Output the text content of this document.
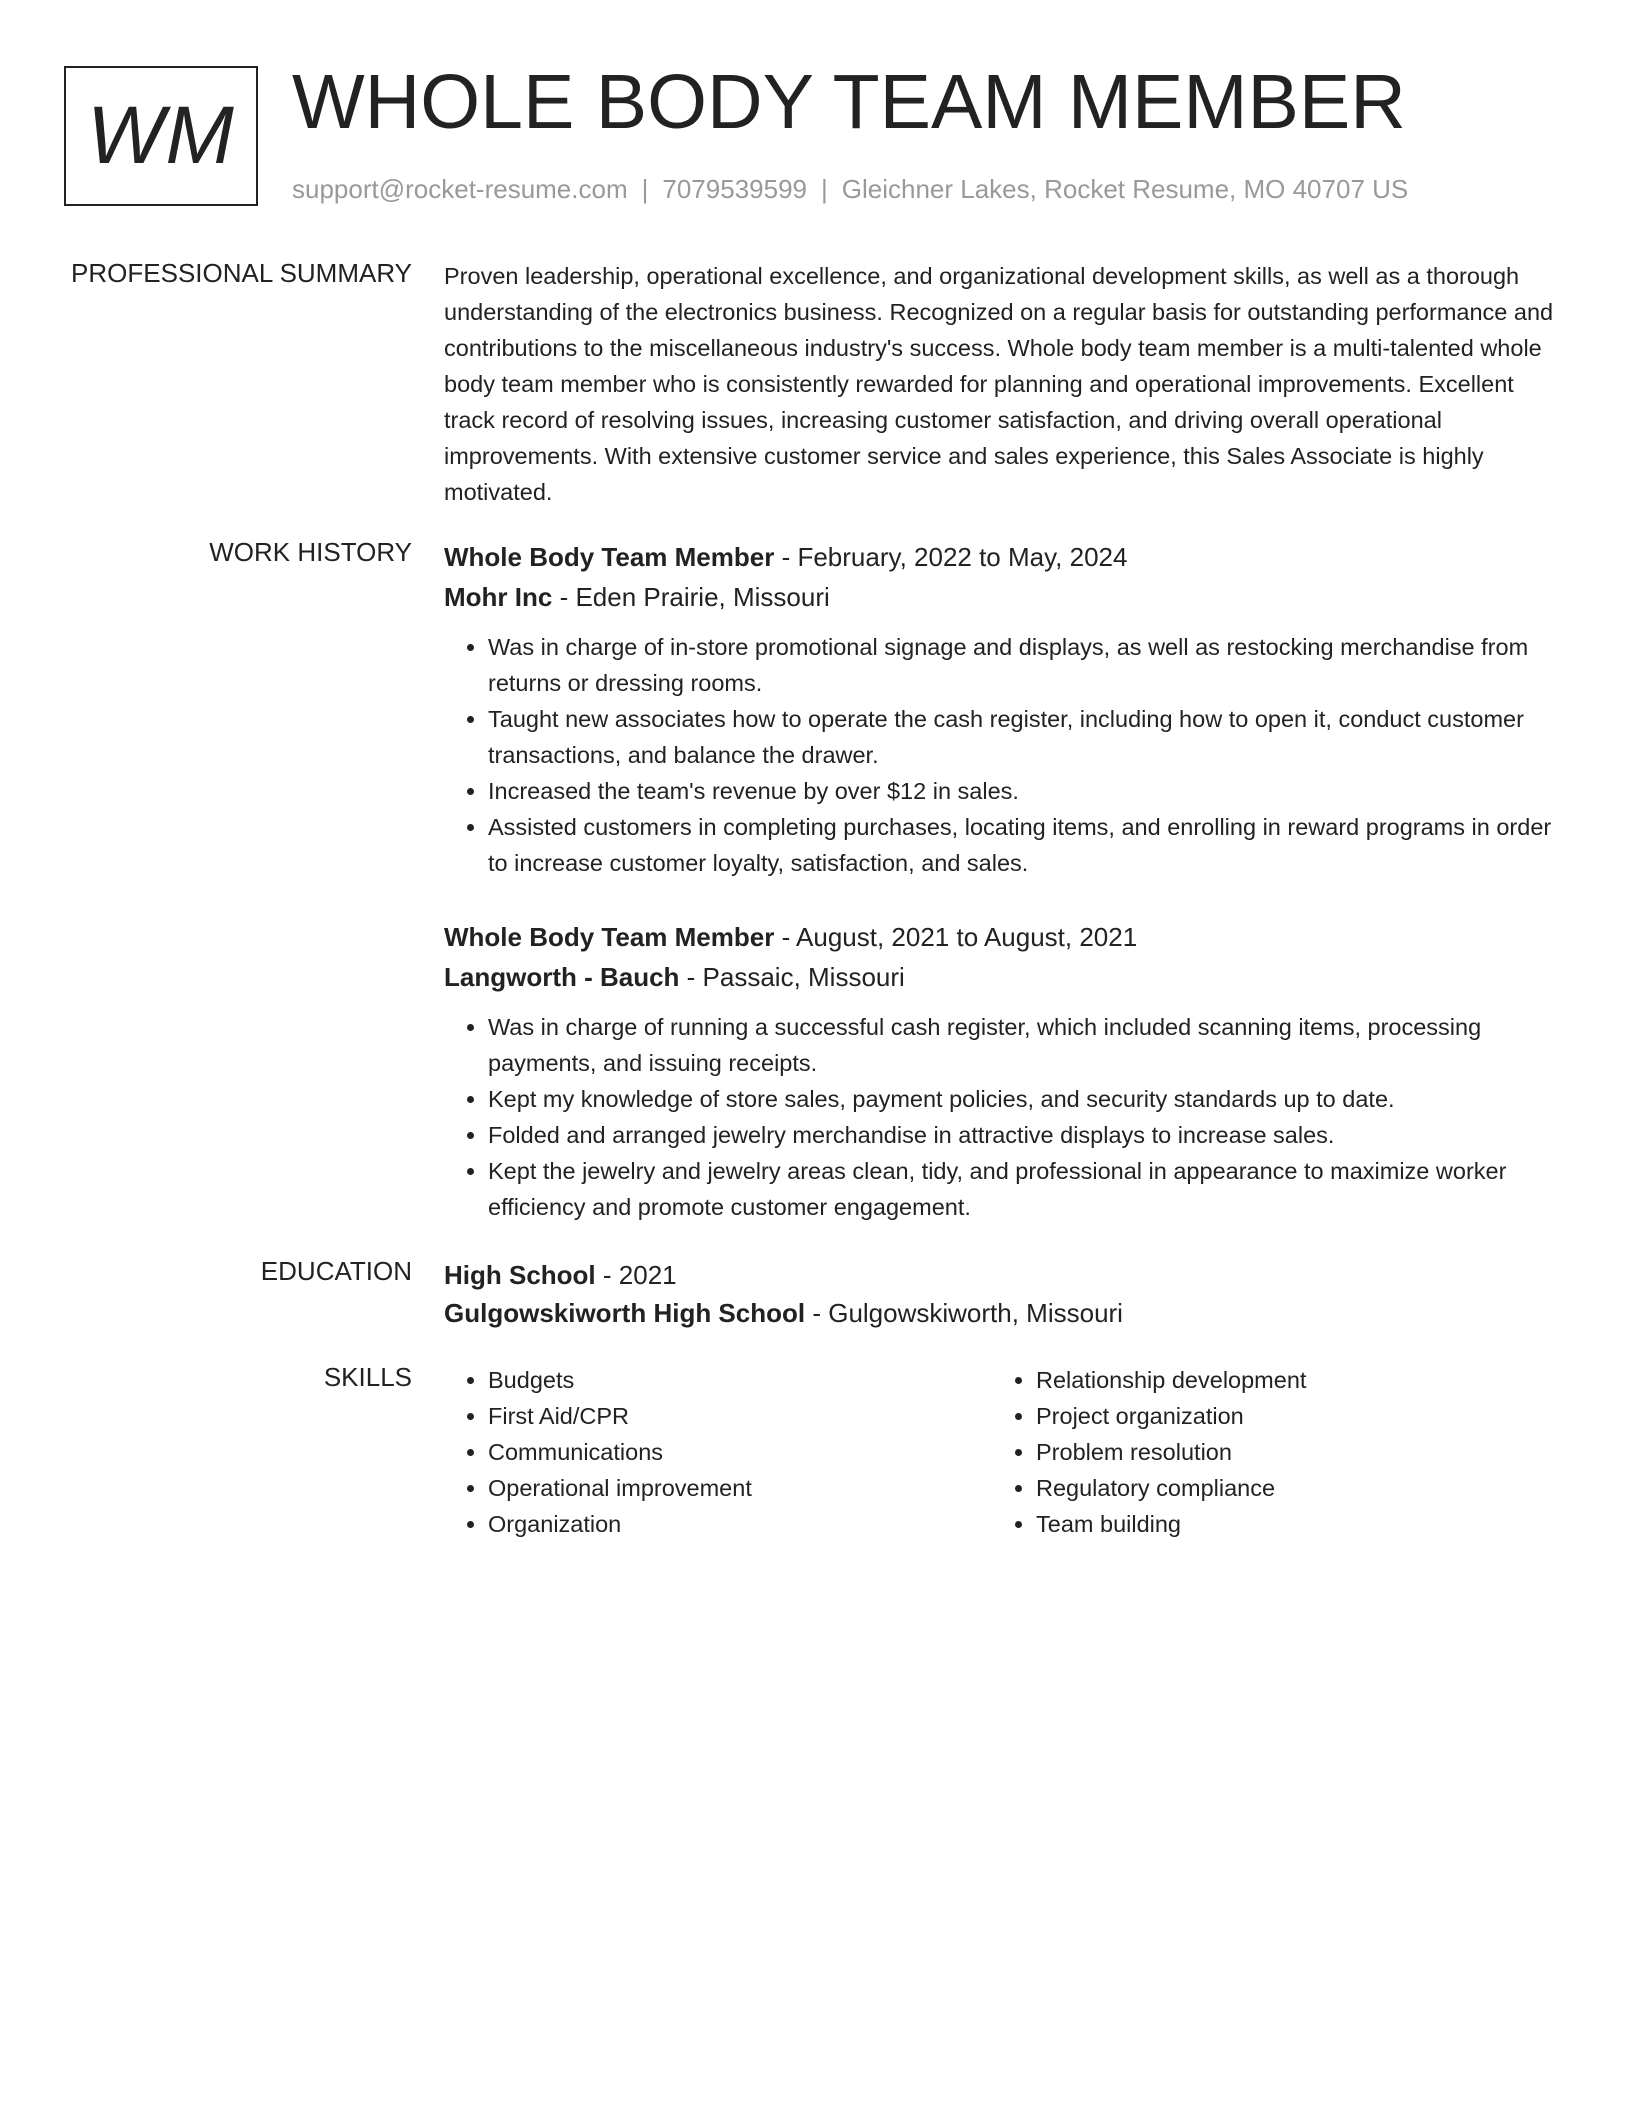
WM WHOLE BODY TEAM MEMBER
support@rocket-resume.com | 7079539599 | Gleichner Lakes, Rocket Resume, MO 40707 US
PROFESSIONAL SUMMARY Proven leadership, operational excellence, and organizational development skills, as well as a thorough understanding of the electronics business. Recognized on a regular basis for outstanding performance and contributions to the miscellaneous industry's success. Whole body team member is a multi-talented whole body team member who is consistently rewarded for planning and operational improvements. Excellent track record of resolving issues, increasing customer satisfaction, and driving overall operational improvements. With extensive customer service and sales experience, this Sales Associate is highly motivated.

WORK HISTORY Whole Body Team Member - February, 2022 to May, 2024
Mohr Inc - Eden Prairie, Missouri
• Was in charge of in-store promotional signage and displays, as well as restocking merchandise from returns or dressing rooms.
• Taught new associates how to operate the cash register, including how to open it, conduct customer transactions, and balance the drawer.
• Increased the team's revenue by over $12 in sales.
• Assisted customers in completing purchases, locating items, and enrolling in reward programs in order to increase customer loyalty, satisfaction, and sales.
Whole Body Team Member - August, 2021 to August, 2021
Langworth - Bauch - Passaic, Missouri
• Was in charge of running a successful cash register, which included scanning items, processing payments, and issuing receipts.
• Kept my knowledge of store sales, payment policies, and security standards up to date.
• Folded and arranged jewelry merchandise in attractive displays to increase sales.
• Kept the jewelry and jewelry areas clean, tidy, and professional in appearance to maximize worker efficiency and promote customer engagement.
EDUCATION High School - 2021
Gulgowskiworth High School - Gulgowskiworth, Missouri
SKILLS
•	Budgets
• First Aid/CPR
• Communications
• Operational improvement
• Organization
• Relationship development
• Project organization
• Problem resolution
• Regulatory compliance
• Team building
